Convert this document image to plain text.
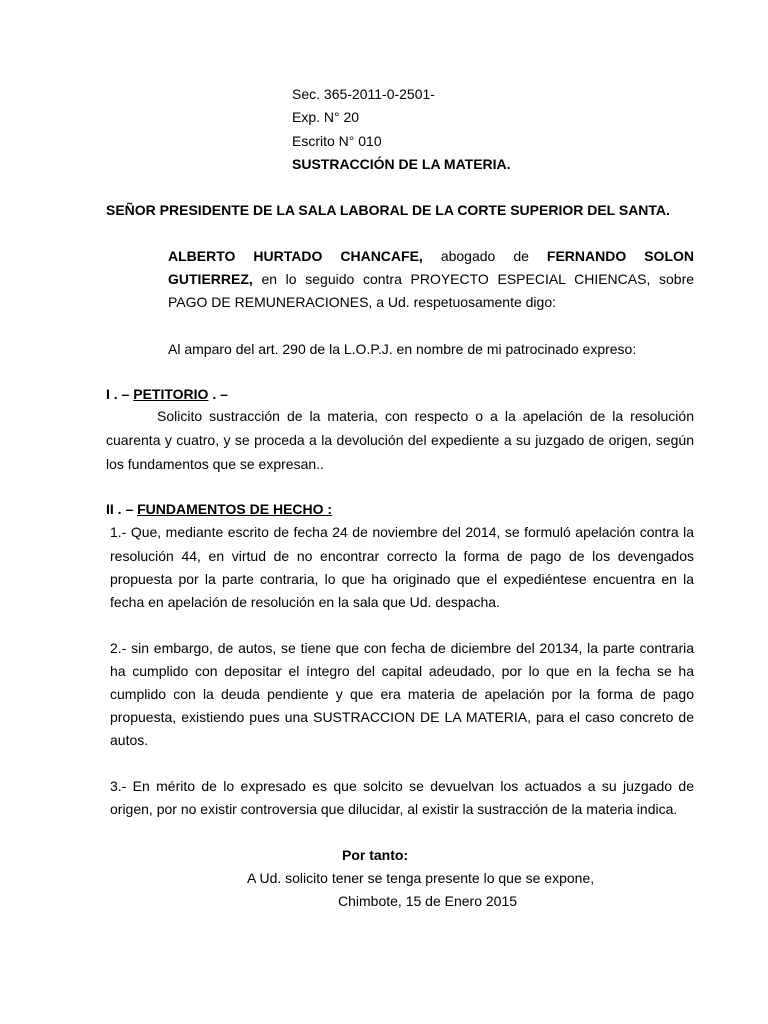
Sec. 365-2011-0-2501-
Exp. N° 20
Escrito N° 010
SUSTRACCIÓN DE LA MATERIA.
SEÑOR PRESIDENTE DE LA SALA LABORAL DE LA CORTE SUPERIOR DEL SANTA.
ALBERTO HURTADO CHANCAFE, abogado de FERNANDO SOLON
GUTIERREZ, en lo seguido contra PROYECTO ESPECIAL CHIENCAS, sobre
PAGO DE REMUNERACIONES, a Ud. respetuosamente digo:
Al amparo del art. 290 de la L.O.P.J. en nombre de mi patrocinado expreso:
I . – PETITORIO . –
Solicito sustracción de la materia, con respecto o a la apelación de la resolución
cuarenta y cuatro, y se proceda a la devolución del expediente a su juzgado de origen, según
los fundamentos que se expresan..
II . – FUNDAMENTOS DE HECHO :
1.- Que, mediante escrito de fecha 24 de noviembre del 2014, se formuló apelación contra la
resolución 44, en virtud de no encontrar correcto la forma de pago de los devengados
propuesta por la parte contraria, lo que ha originado que el expediéntese encuentra en la
fecha en apelación de resolución en la sala que Ud. despacha.
2.- sin embargo, de autos, se tiene que con fecha de diciembre del 20134, la parte contraria
ha cumplido con depositar el íntegro del capital adeudado, por lo que en la fecha se ha
cumplido con la deuda pendiente y que era materia de apelación por la forma de pago
propuesta, existiendo pues una SUSTRACCION DE LA MATERIA, para el caso concreto de
autos.
3.- En mérito de lo expresado es que solcito se devuelvan los actuados a su juzgado de
origen, por no existir controversia que dilucidar, al existir la sustracción de la materia indica.
Por tanto:
A Ud. solicito tener se tenga presente lo que se expone,
Chimbote, 15 de Enero 2015
